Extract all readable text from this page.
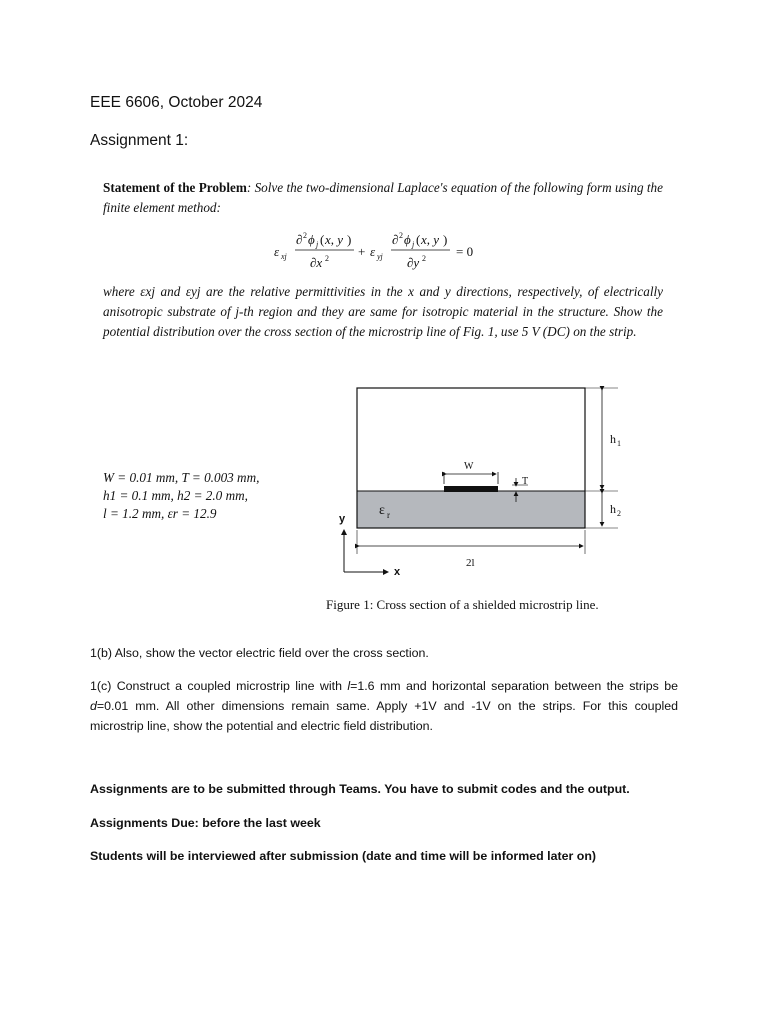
EEE 6606, October 2024
Assignment 1:
Statement of the Problem: Solve the two-dimensional Laplace's equation of the following form using the finite element method:
ε xj
∂ 2 ϕ j ( x, y )
∂x 2 + ε yj
∂ 2 ϕ j ( x, y )
∂y 2 = 0
where εxj and εyj are the relative permittivities in the x and y directions, respectively, of electrically anisotropic substrate of j-th region and they are same for isotropic material in the structure. Show the potential distribution over the cross section of the microstrip line of Fig. 1, use 5 V (DC) on the strip.
W = 0.01 mm, T = 0.003 mm,
h1 = 0.1 mm, h2 = 2.0 mm,
l = 1.2 mm, εr = 12.9
W
T
h 1
h 2
ε r
2l
y
x
Figure 1: Cross section of a shielded microstrip line.
1(b) Also, show the vector electric field over the cross section.
1(c) Construct a coupled microstrip line with l=1.6 mm and horizontal separation between the strips be d=0.01 mm. All other dimensions remain same. Apply +1V and -1V on the strips. For this coupled microstrip line, show the potential and electric field distribution.
Assignments are to be submitted through Teams. You have to submit codes and the output.
Assignments Due: before the last week
Students will be interviewed after submission (date and time will be informed later on)
